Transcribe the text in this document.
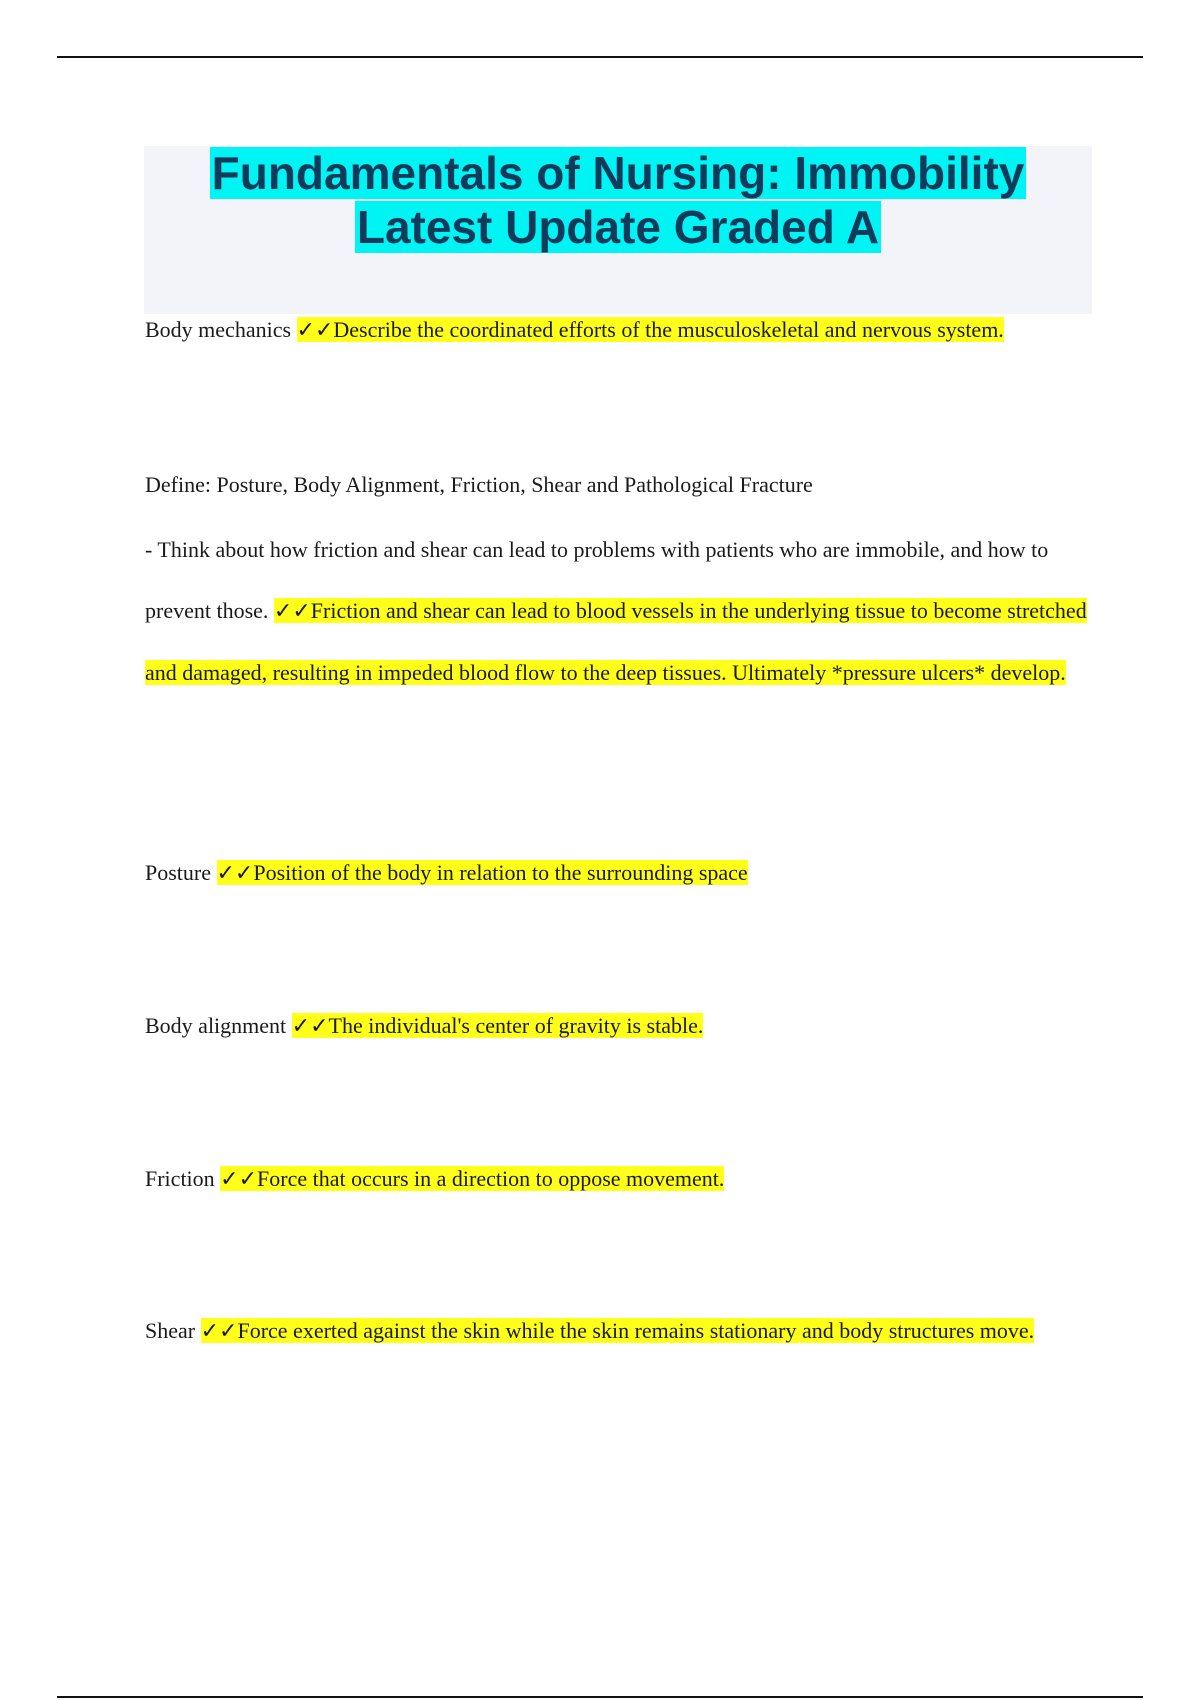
Fundamentals of Nursing: Immobility
Latest Update Graded A
Body mechanics ✓✓Describe the coordinated efforts of the musculoskeletal and nervous system.
Define: Posture, Body Alignment, Friction, Shear and Pathological Fracture
- Think about how friction and shear can lead to problems with patients who are immobile, and how to prevent those. ✓✓Friction and shear can lead to blood vessels in the underlying tissue to become stretched and damaged, resulting in impeded blood flow to the deep tissues. Ultimately *pressure ulcers* develop.
Posture ✓✓Position of the body in relation to the surrounding space
Body alignment ✓✓The individual's center of gravity is stable.
Friction ✓✓Force that occurs in a direction to oppose movement.
Shear ✓✓Force exerted against the skin while the skin remains stationary and body structures move.
